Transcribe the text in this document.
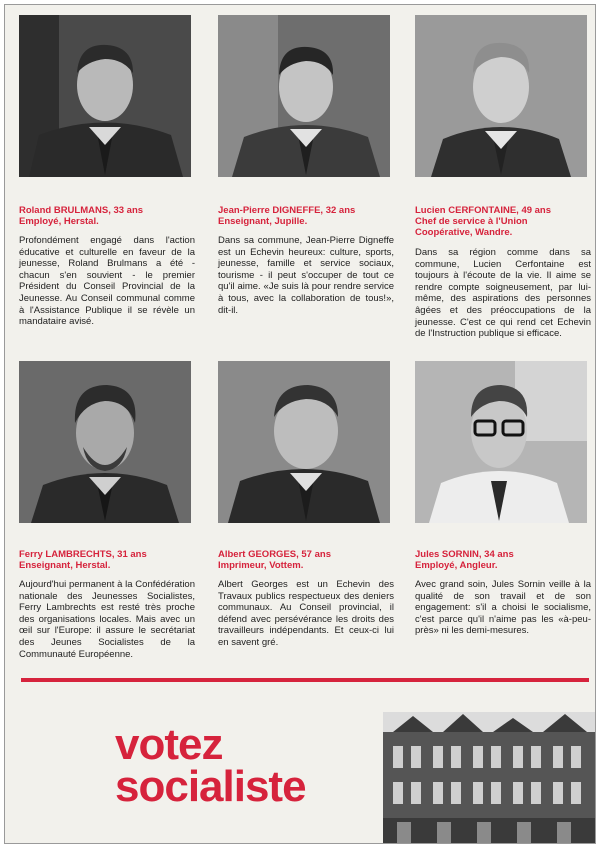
Roland BRULMANS, 33 ans
Employé, Herstal.
Profondément engagé dans l'action éducative et culturelle en faveur de la jeunesse, Roland Brulmans a été - chacun s'en souvient - le premier Président du Conseil Provincial de la Jeunesse. Au Conseil communal comme à l'Assistance Publique il se révèle un mandataire avisé.
Jean-Pierre DIGNEFFE, 32 ans
Enseignant, Jupille.
Dans sa commune, Jean-Pierre Digneffe est un Echevin heureux: culture, sports, jeunesse, famille et service sociaux, tourisme - il peut s'occuper de tout ce qu'il aime. «Je suis là pour rendre service à tous, avec la collaboration de tous!», dit-il.
Lucien CERFONTAINE, 49 ans
Chef de service à l'Union Coopérative, Wandre.
Dans sa région comme dans sa commune, Lucien Cerfontaine est toujours à l'écoute de la vie. Il aime se rendre compte soigneusement, par lui-même, des aspirations des personnes âgées et des préoccupations de la jeunesse. C'est ce qui rend cet Echevin de l'Instruction publique si efficace.
Ferry LAMBRECHTS, 31 ans
Enseignant, Herstal.
Aujourd'hui permanent à la Confédération nationale des Jeunesses Socialistes, Ferry Lambrechts est resté très proche des organisations locales. Mais avec un œil sur l'Europe: il assure le secrétariat des Jeunes Socialistes de la Communauté Européenne.
Albert GEORGES, 57 ans
Imprimeur, Vottem.
Albert Georges est un Echevin des Travaux publics respectueux des deniers communaux. Au Conseil provincial, il défend avec persévérance les droits des travailleurs indépendants. Et ceux-ci lui en savent gré.
Jules SORNIN, 34 ans
Employé, Angleur.
Avec grand soin, Jules Sornin veille à la qualité de son travail et de son engagement: s'il a choisi le socialisme, c'est parce qu'il n'aime pas les «à-peu-près» ni les demi-mesures.
votez
socialiste
